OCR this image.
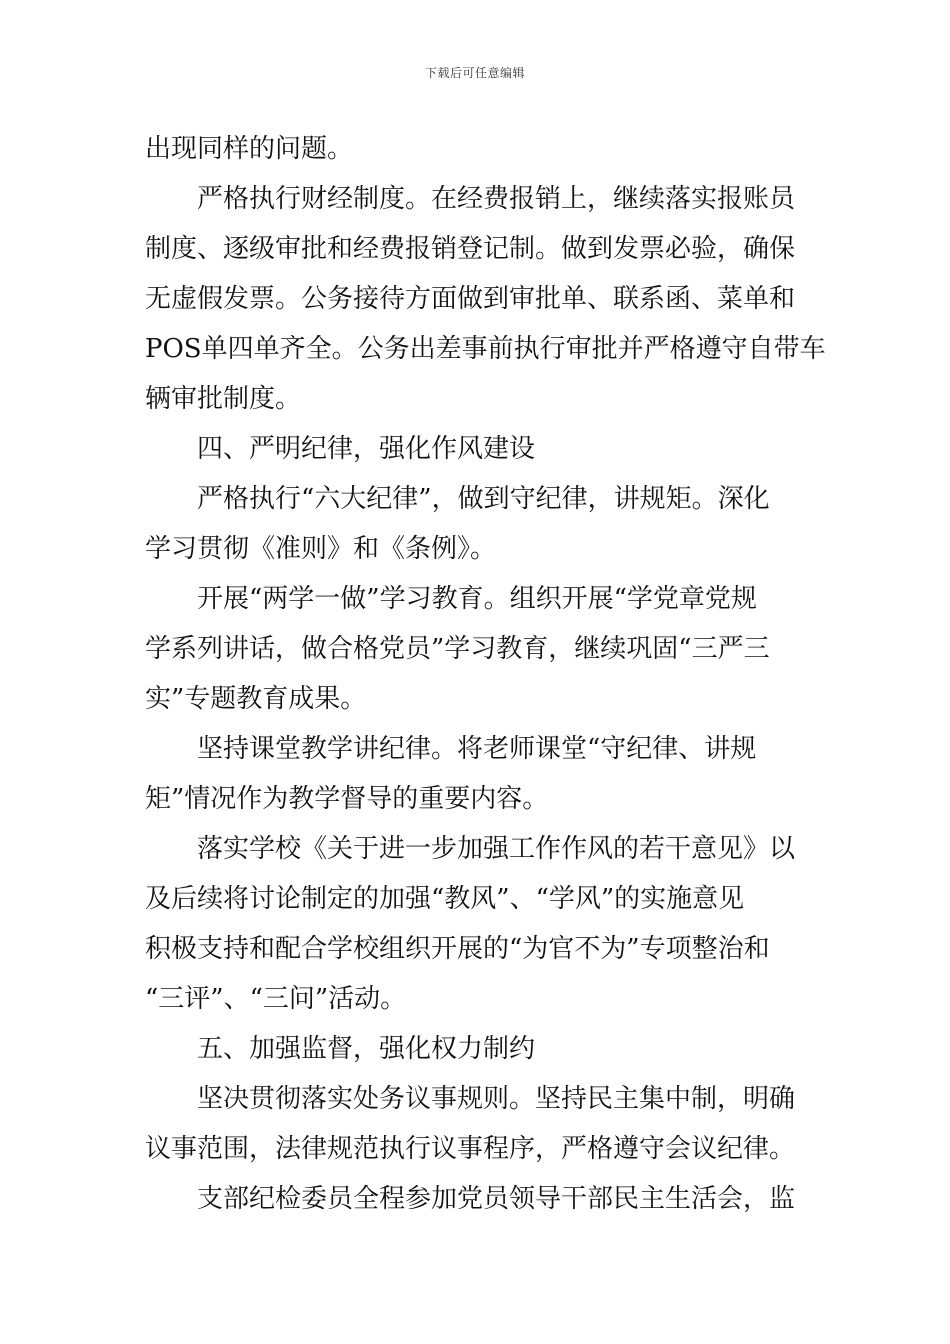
下载后可任意编辑
出现同样的问题。
严格执行财经制度。在经费报销上，继续落实报账员
制度、逐级审批和经费报销登记制。做到发票必验，确保
无虚假发票。公务接待方面做到审批单、联系函、菜单和
POS单四单齐全。公务出差事前执行审批并严格遵守自带车
辆审批制度。
四、严明纪律，强化作风建设
严格执行“六大纪律”，做到守纪律，讲规矩。深化
学习贯彻《准则》和《条例》。
开展“两学一做”学习教育。组织开展“学党章党规
学系列讲话，做合格党员”学习教育，继续巩固“三严三
实”专题教育成果。
坚持课堂教学讲纪律。将老师课堂“守纪律、讲规
矩”情况作为教学督导的重要内容。
落实学校《关于进一步加强工作作风的若干意见》以
及后续将讨论制定的加强“教风”、“学风”的实施意见
积极支持和配合学校组织开展的“为官不为”专项整治和
“三评”、“三问”活动。
五、加强监督，强化权力制约
坚决贯彻落实处务议事规则。坚持民主集中制，明确
议事范围，法律规范执行议事程序，严格遵守会议纪律。
支部纪检委员全程参加党员领导干部民主生活会，监
